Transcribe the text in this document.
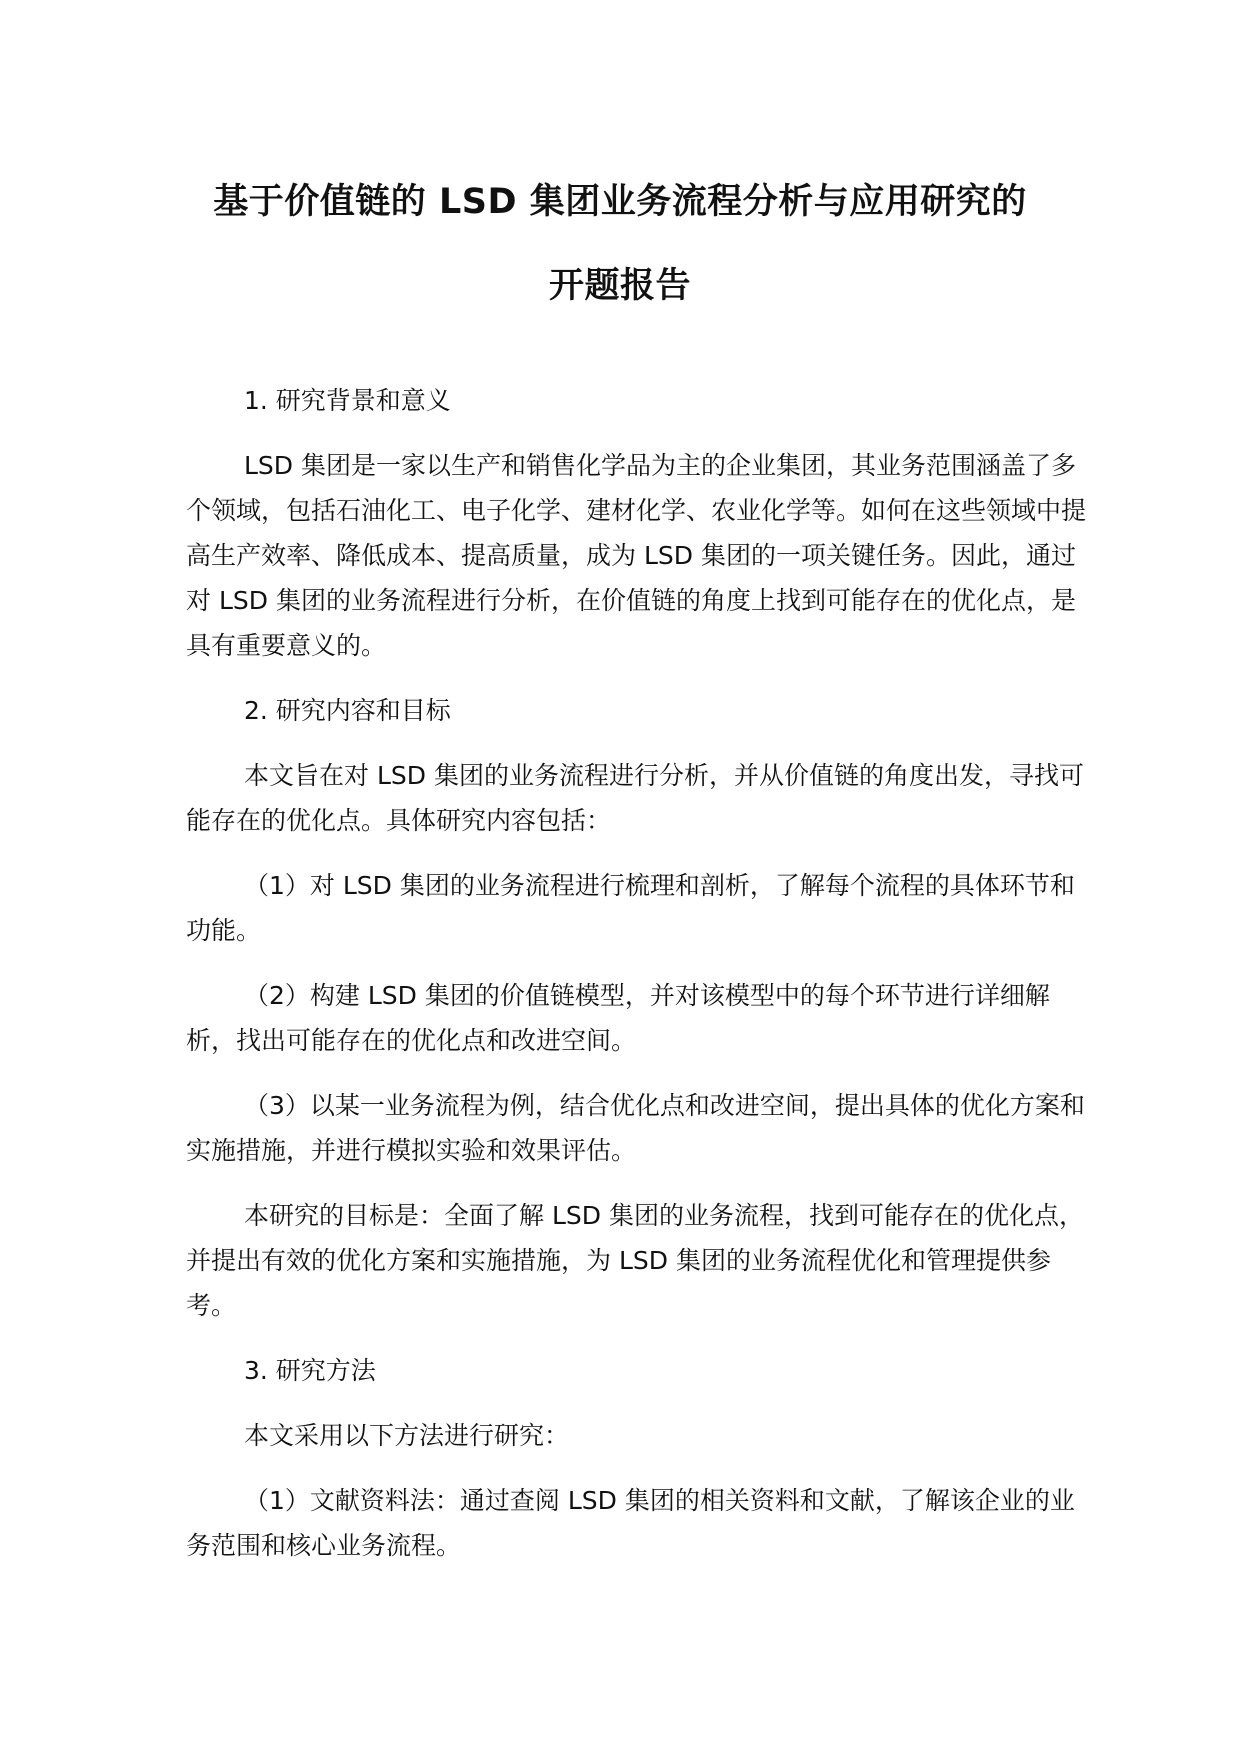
基于价值链的 LSD 集团业务流程分析与应用研究的
开题报告

1. 研究背景和意义

LSD 集团是一家以生产和销售化学品为主的企业集团，其业务范围涵盖了多个领域，包括石油化工、电子化学、建材化学、农业化学等。如何在这些领域中提高生产效率、降低成本、提高质量，成为 LSD 集团的一项关键任务。因此，通过对 LSD 集团的业务流程进行分析，在价值链的角度上找到可能存在的优化点，是具有重要意义的。

2. 研究内容和目标

本文旨在对 LSD 集团的业务流程进行分析，并从价值链的角度出发，寻找可能存在的优化点。具体研究内容包括：

（1）对 LSD 集团的业务流程进行梳理和剖析，了解每个流程的具体环节和功能。

（2）构建 LSD 集团的价值链模型，并对该模型中的每个环节进行详细解析，找出可能存在的优化点和改进空间。

（3）以某一业务流程为例，结合优化点和改进空间，提出具体的优化方案和实施措施，并进行模拟实验和效果评估。

本研究的目标是：全面了解 LSD 集团的业务流程，找到可能存在的优化点，并提出有效的优化方案和实施措施，为 LSD 集团的业务流程优化和管理提供参考。

3. 研究方法

本文采用以下方法进行研究：

（1）文献资料法：通过查阅 LSD 集团的相关资料和文献，了解该企业的业务范围和核心业务流程。
